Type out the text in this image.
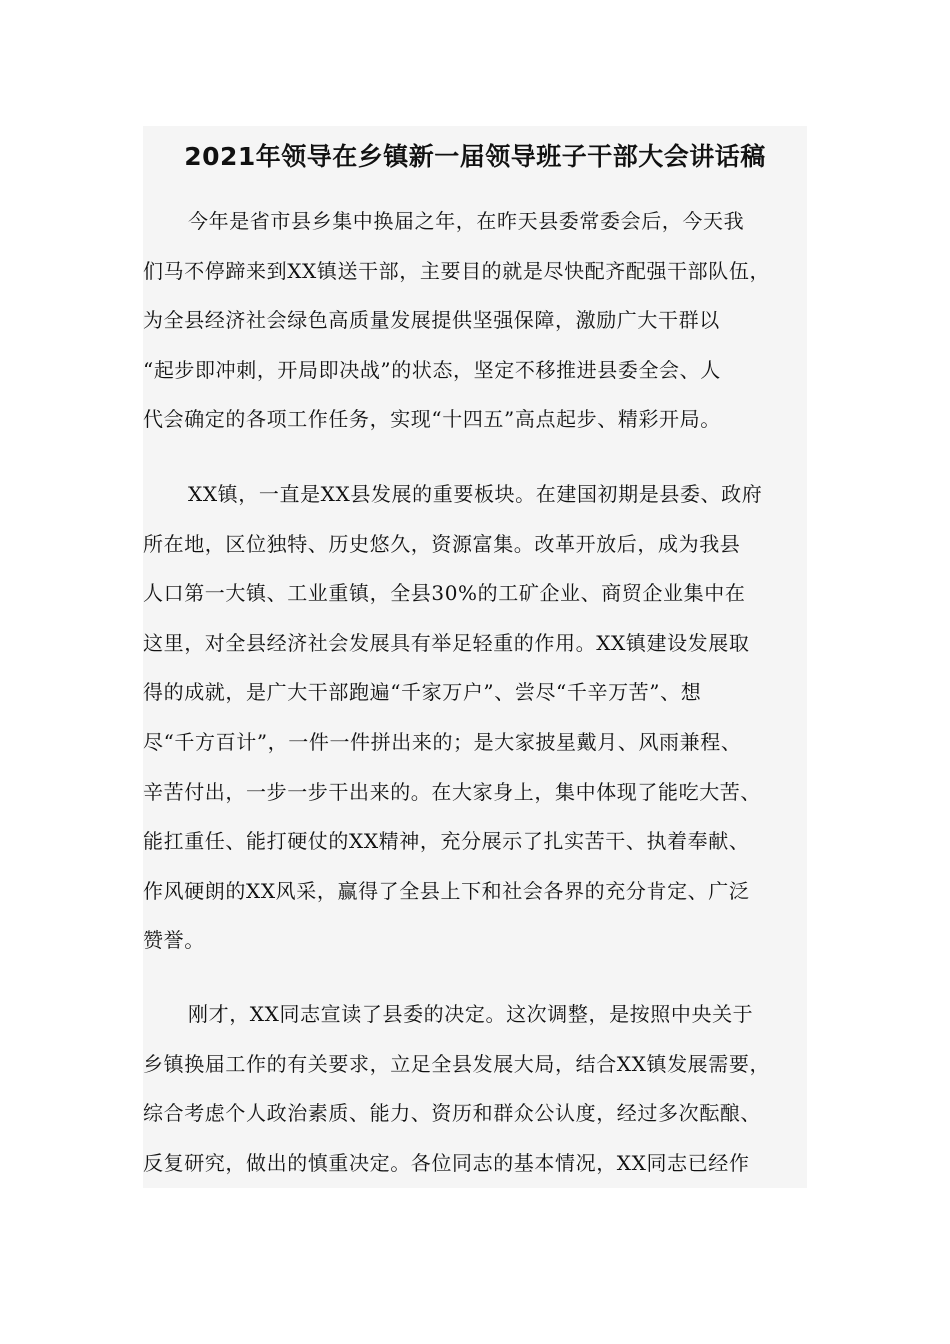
2021年领导在乡镇新一届领导班子干部大会讲话稿
今年是省市县乡集中换届之年，在昨天县委常委会后，今天我
们马不停蹄来到XX镇送干部，主要目的就是尽快配齐配强干部队伍，
为全县经济社会绿色高质量发展提供坚强保障，激励广大干群以
“起步即冲刺，开局即决战”的状态，坚定不移推进县委全会、人
代会确定的各项工作任务，实现“十四五”高点起步、精彩开局。
XX镇，一直是XX县发展的重要板块。在建国初期是县委、政府
所在地，区位独特、历史悠久，资源富集。改革开放后，成为我县
人口第一大镇、工业重镇，全县30%的工矿企业、商贸企业集中在
这里，对全县经济社会发展具有举足轻重的作用。XX镇建设发展取
得的成就，是广大干部跑遍“千家万户”、尝尽“千辛万苦”、想
尽“千方百计”，一件一件拼出来的；是大家披星戴月、风雨兼程、
辛苦付出，一步一步干出来的。在大家身上，集中体现了能吃大苦、
能扛重任、能打硬仗的XX精神，充分展示了扎实苦干、执着奉献、
作风硬朗的XX风采，赢得了全县上下和社会各界的充分肯定、广泛
赞誉。
刚才，XX同志宣读了县委的决定。这次调整，是按照中央关于
乡镇换届工作的有关要求，立足全县发展大局，结合XX镇发展需要，
综合考虑个人政治素质、能力、资历和群众公认度，经过多次酝酿、
反复研究，做出的慎重决定。各位同志的基本情况，XX同志已经作
